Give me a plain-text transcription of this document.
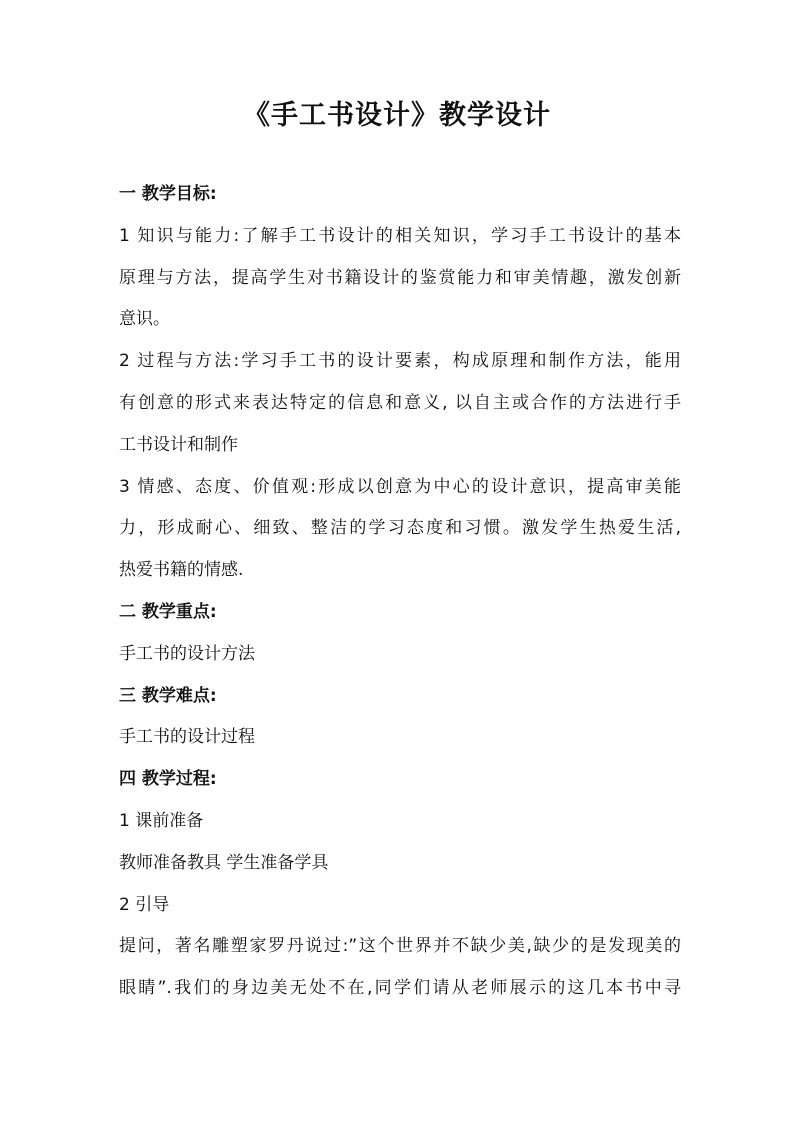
《手工书设计》教学设计
一 教学目标:
1 知识与能力:了解手工书设计的相关知识，学习手工书设计的基本
原理与方法，提高学生对书籍设计的鉴赏能力和审美情趣，激发创新
意识。
2 过程与方法:学习手工书的设计要素，构成原理和制作方法，能用
有创意的形式来表达特定的信息和意义, 以自主或合作的方法进行手
工书设计和制作
3 情感、态度、价值观:形成以创意为中心的设计意识，提高审美能
力，形成耐心、细致、整洁的学习态度和习惯。激发学生热爱生活,
热爱书籍的情感.
二 教学重点:
手工书的设计方法
三 教学难点:
手工书的设计过程
四 教学过程:
1 课前准备
教师准备教具 学生准备学具
2 引导
提问，著名雕塑家罗丹说过:”这个世界并不缺少美,缺少的是发现美的
眼睛”.我们的身边美无处不在,同学们请从老师展示的这几本书中寻
